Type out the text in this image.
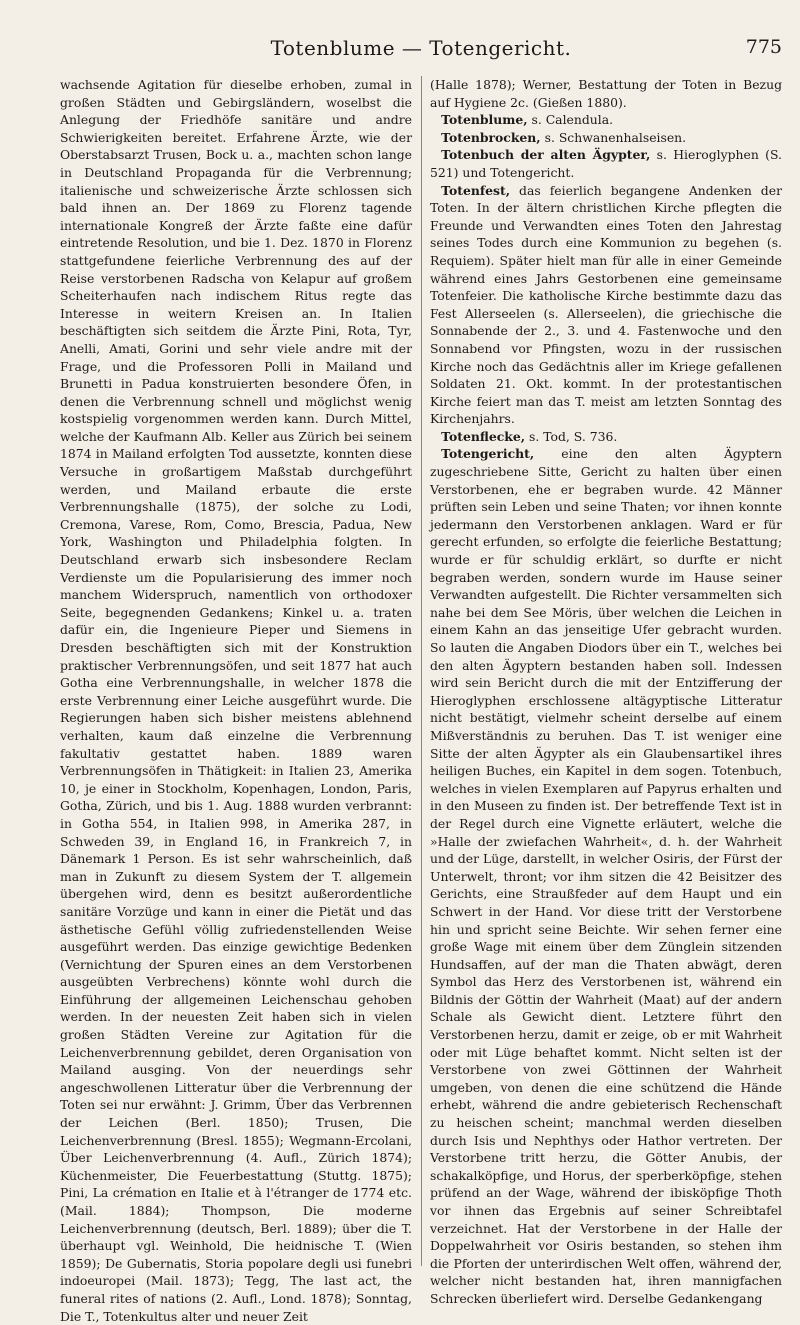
Totenblume — Totengericht.	775

wachsende Agitation für dieselbe erhoben, zumal in großen Städten und Gebirgsländern, woselbst die Anlegung der Friedhöfe sanitäre und andre Schwierigkeiten bereitet. Erfahrene Ärzte, wie der Oberstabsarzt Trusen, Bock u. a., machten schon lange in Deutschland Propaganda für die Verbrennung; italienische und schweizerische Ärzte schlossen sich bald ihnen an. Der 1869 zu Florenz tagende internationale Kongreß der Ärzte faßte eine dafür eintretende Resolution, und bie 1. Dez. 1870 in Florenz stattgefundene feierliche Verbrennung des auf der Reise verstorbenen Radscha von Kelapur auf großem Scheiterhaufen nach indischem Ritus regte das Interesse in weitern Kreisen an. In Italien beschäftigten sich seitdem die Ärzte Pini, Rota, Tyr, Anelli, Amati, Gorini und sehr viele andre mit der Frage, und die Professoren Polli in Mailand und Brunetti in Padua konstruierten besondere Öfen, in denen die Verbrennung schnell und möglichst wenig kostspielig vorgenommen werden kann. Durch Mittel, welche der Kaufmann Alb. Keller aus Zürich bei seinem 1874 in Mailand erfolgten Tod aussetzte, konnten diese Versuche in großartigem Maßstab durchgeführt werden, und Mailand erbaute die erste Verbrennungshalle (1875), der solche zu Lodi, Cremona, Varese, Rom, Como, Brescia, Padua, New York, Washington und Philadelphia folgten. In Deutschland erwarb sich insbesondere Reclam Verdienste um die Popularisierung des immer noch manchem Widerspruch, namentlich von orthodoxer Seite, begegnenden Gedankens; Kinkel u. a. traten dafür ein, die Ingenieure Pieper und Siemens in Dresden beschäftigten sich mit der Konstruktion praktischer Verbrennungsöfen, und seit 1877 hat auch Gotha eine Verbrennungshalle, in welcher 1878 die erste Verbrennung einer Leiche ausgeführt wurde. Die Regierungen haben sich bisher meistens ablehnend verhalten, kaum daß einzelne die Verbrennung fakultativ gestattet haben. 1889 waren Verbrennungsöfen in Thätigkeit: in Italien 23, Amerika 10, je einer in Stockholm, Kopenhagen, London, Paris, Gotha, Zürich, und bis 1. Aug. 1888 wurden verbrannt: in Gotha 554, in Italien 998, in Amerika 287, in Schweden 39, in England 16, in Frankreich 7, in Dänemark 1 Person. Es ist sehr wahrscheinlich, daß man in Zukunft zu diesem System der T. allgemein übergehen wird, denn es besitzt außerordentliche sanitäre Vorzüge und kann in einer die Pietät und das ästhetische Gefühl völlig zufriedenstellenden Weise ausgeführt werden. Das einzige gewichtige Bedenken (Vernichtung der Spuren eines an dem Verstorbenen ausgeübten Verbrechens) könnte wohl durch die Einführung der allgemeinen Leichenschau gehoben werden. In der neuesten Zeit haben sich in vielen großen Städten Vereine zur Agitation für die Leichenverbrennung gebildet, deren Organisation von Mailand ausging. Von der neuerdings sehr angeschwollenen Litteratur über die Verbrennung der Toten sei nur erwähnt: J. Grimm, Über das Verbrennen der Leichen (Berl. 1850); Trusen, Die Leichenverbrennung (Bresl. 1855); Wegmann-Ercolani, Über Leichenverbrennung (4. Aufl., Zürich 1874); Küchenmeister, Die Feuerbestattung (Stuttg. 1875); Pini, La crémation en Italie et à l'étranger de 1774 etc. (Mail. 1884); Thompson, Die moderne Leichenverbrennung (deutsch, Berl. 1889); über die T. überhaupt vgl. Weinhold, Die heidnische T. (Wien 1859); De Gubernatis, Storia popolare degli usi funebri indoeuropei (Mail. 1873); Tegg, The last act, the funeral rites of nations (2. Aufl., Lond. 1878); Sonntag, Die T., Totenkultus alter und neuer Zeit

(Halle 1878); Werner, Bestattung der Toten in Bezug auf Hygiene 2c. (Gießen 1880).

Totenblume, s. Calendula.

Totenbrocken, s. Schwanenhalseisen.

Totenbuch der alten Ägypter, s. Hieroglyphen (S. 521) und Totengericht.

Totenfest, das feierlich begangene Andenken der Toten. In der ältern christlichen Kirche pflegten die Freunde und Verwandten eines Toten den Jahrestag seines Todes durch eine Kommunion zu begehen (s. Requiem). Später hielt man für alle in einer Gemeinde während eines Jahrs Gestorbenen eine gemeinsame Totenfeier. Die katholische Kirche bestimmte dazu das Fest Allerseelen (s. Allerseelen), die griechische die Sonnabende der 2., 3. und 4. Fastenwoche und den Sonnabend vor Pfingsten, wozu in der russischen Kirche noch das Gedächtnis aller im Kriege gefallenen Soldaten 21. Okt. kommt. In der protestantischen Kirche feiert man das T. meist am letzten Sonntag des Kirchenjahrs.

Totenflecke, s. Tod, S. 736.

Totengericht, eine den alten Ägyptern zugeschriebene Sitte, Gericht zu halten über einen Verstorbenen, ehe er begraben wurde. 42 Männer prüften sein Leben und seine Thaten; vor ihnen konnte jedermann den Verstorbenen anklagen. Ward er für gerecht erfunden, so erfolgte die feierliche Bestattung; wurde er für schuldig erklärt, so durfte er nicht begraben werden, sondern wurde im Hause seiner Verwandten aufgestellt. Die Richter versammelten sich nahe bei dem See Möris, über welchen die Leichen in einem Kahn an das jenseitige Ufer gebracht wurden. So lauten die Angaben Diodors über ein T., welches bei den alten Ägyptern bestanden haben soll. Indessen wird sein Bericht durch die mit der Entzifferung der Hieroglyphen erschlossene altägyptische Litteratur nicht bestätigt, vielmehr scheint derselbe auf einem Mißverständnis zu beruhen. Das T. ist weniger eine Sitte der alten Ägypter als ein Glaubensartikel ihres heiligen Buches, ein Kapitel in dem sogen. Totenbuch, welches in vielen Exemplaren auf Papyrus erhalten und in den Museen zu finden ist. Der betreffende Text ist in der Regel durch eine Vignette erläutert, welche die »Halle der zwiefachen Wahrheit«, d. h. der Wahrheit und der Lüge, darstellt, in welcher Osiris, der Fürst der Unterwelt, thront; vor ihm sitzen die 42 Beisitzer des Gerichts, eine Straußfeder auf dem Haupt und ein Schwert in der Hand. Vor diese tritt der Verstorbene hin und spricht seine Beichte. Wir sehen ferner eine große Wage mit einem über dem Zünglein sitzenden Hundsaffen, auf der man die Thaten abwägt, deren Symbol das Herz des Verstorbenen ist, während ein Bildnis der Göttin der Wahrheit (Maat) auf der andern Schale als Gewicht dient. Letztere führt den Verstorbenen herzu, damit er zeige, ob er mit Wahrheit oder mit Lüge behaftet kommt. Nicht selten ist der Verstorbene von zwei Göttinnen der Wahrheit umgeben, von denen die eine schützend die Hände erhebt, während die andre gebieterisch Rechenschaft zu heischen scheint; manchmal werden dieselben durch Isis und Nephthys oder Hathor vertreten. Der Verstorbene tritt herzu, die Götter Anubis, der schakalköpfige, und Horus, der sperberköpfige, stehen prüfend an der Wage, während der ibisköpfige Thoth vor ihnen das Ergebnis auf seiner Schreibtafel verzeichnet. Hat der Verstorbene in der Halle der Doppelwahrheit vor Osiris bestanden, so stehen ihm die Pforten der unterirdischen Welt offen, während der, welcher nicht bestanden hat, ihren mannigfachen Schrecken überliefert wird. Derselbe Gedankengang
